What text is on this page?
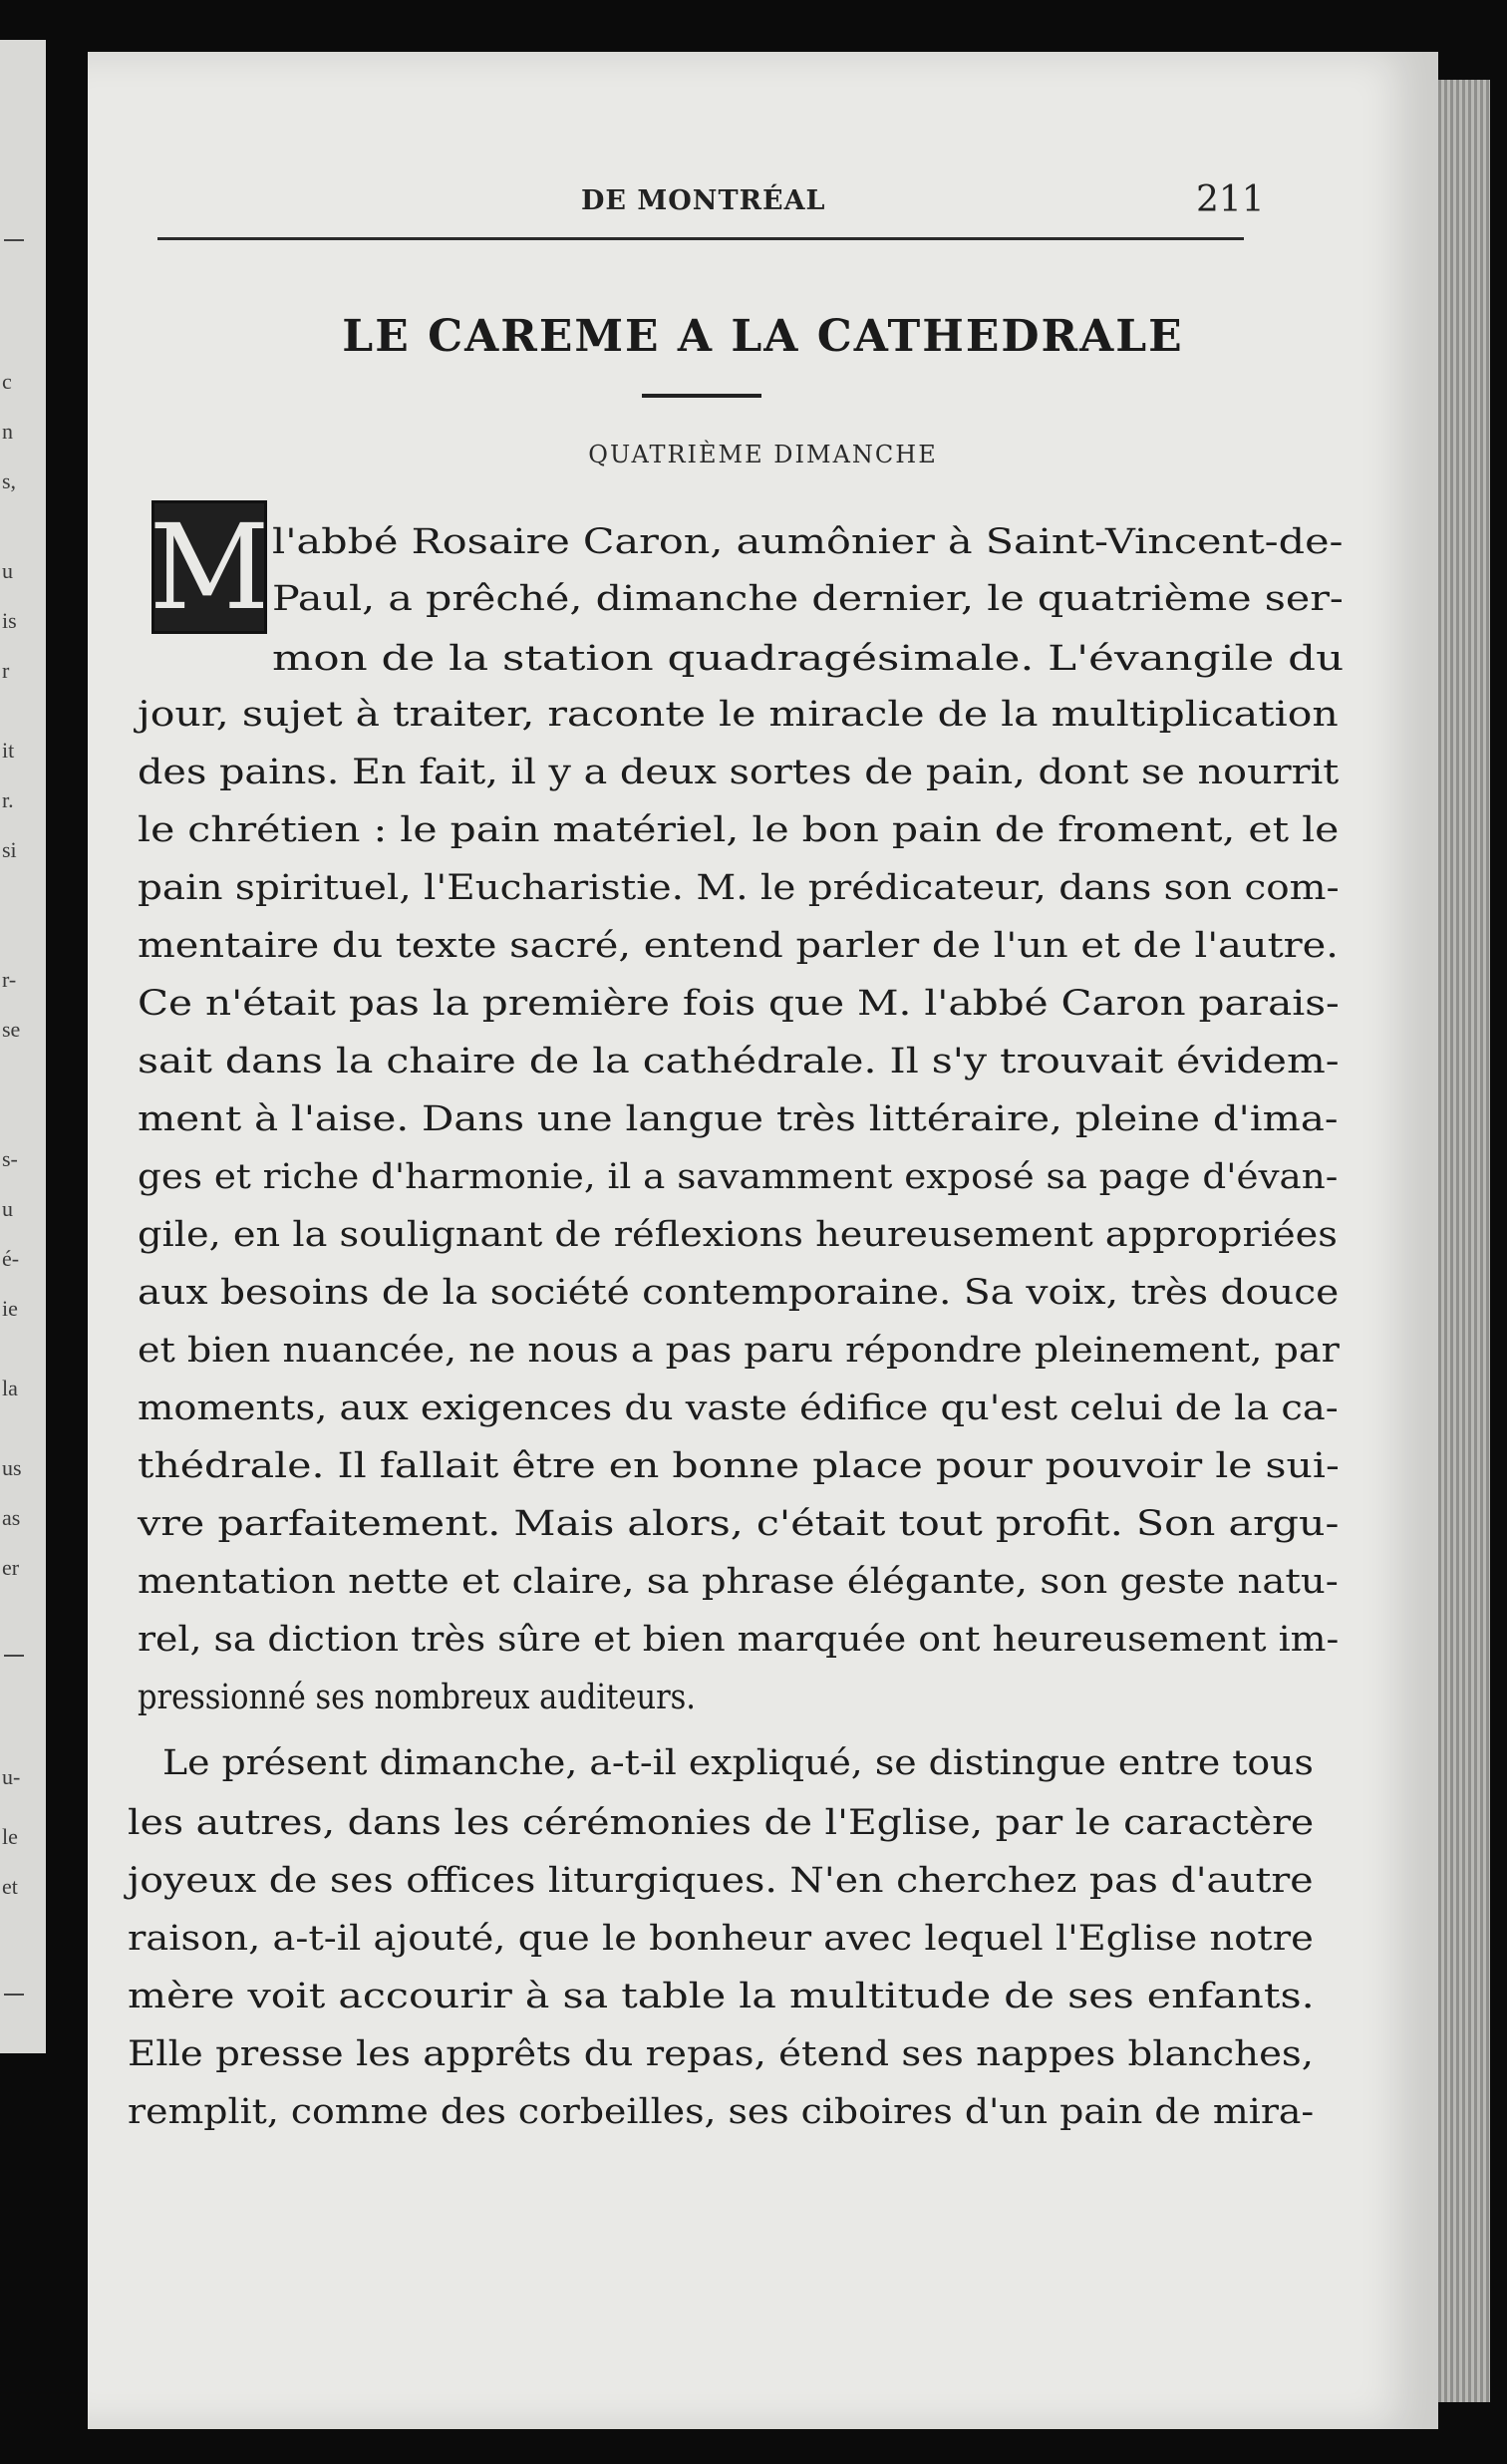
c
n
s,
u
is
r
it
r.
si
r-
se
s-
u
é-
ie
la
us
as
er
u-
le
et
DE MONTRÉAL	211
LE CAREME A LA CATHEDRALE
QUATRIÈME DIMANCHE
M l'abbé Rosaire Caron, aumônier à Saint-Vincent-de-
Paul, a prêché, dimanche dernier, le quatrième ser-
mon de la station quadragésimale. L'évangile du
jour, sujet à traiter, raconte le miracle de la multiplication
des pains. En fait, il y a deux sortes de pain, dont se nourrit
le chrétien : le pain matériel, le bon pain de froment, et le
pain spirituel, l'Eucharistie. M. le prédicateur, dans son com-
mentaire du texte sacré, entend parler de l'un et de l'autre.
Ce n'était pas la première fois que M. l'abbé Caron parais-
sait dans la chaire de la cathédrale. Il s'y trouvait évidem-
ment à l'aise. Dans une langue très littéraire, pleine d'ima-
ges et riche d'harmonie, il a savamment exposé sa page d'évan-
gile, en la soulignant de réflexions heureusement appropriées
aux besoins de la société contemporaine. Sa voix, très douce
et bien nuancée, ne nous a pas paru répondre pleinement, par
moments, aux exigences du vaste édifice qu'est celui de la ca-
thédrale. Il fallait être en bonne place pour pouvoir le sui-
vre parfaitement. Mais alors, c'était tout profit. Son argu-
mentation nette et claire, sa phrase élégante, son geste natu-
rel, sa diction très sûre et bien marquée ont heureusement im-
pressionné ses nombreux auditeurs.
Le présent dimanche, a-t-il expliqué, se distingue entre tous
les autres, dans les cérémonies de l'Eglise, par le caractère
joyeux de ses offices liturgiques. N'en cherchez pas d'autre
raison, a-t-il ajouté, que le bonheur avec lequel l'Eglise notre
mère voit accourir à sa table la multitude de ses enfants.
Elle presse les apprêts du repas, étend ses nappes blanches,
remplit, comme des corbeilles, ses ciboires d'un pain de mira-
